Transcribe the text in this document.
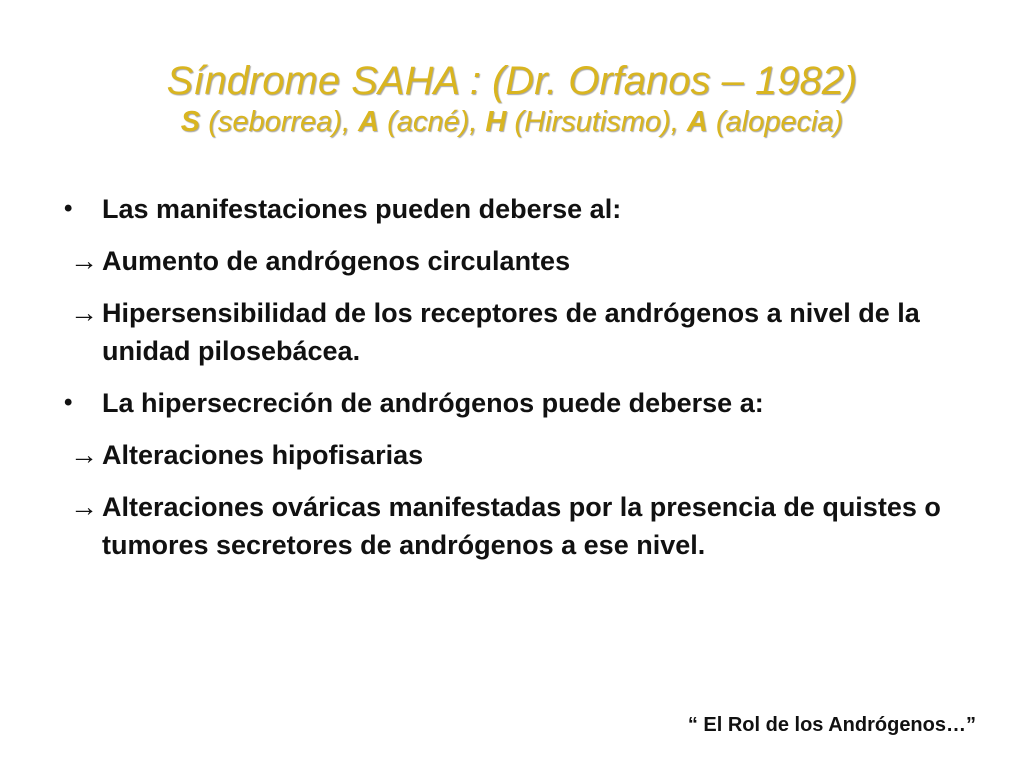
Síndrome SAHA : (Dr. Orfanos – 1982)
S (seborrea), A (acné), H (Hirsutismo), A (alopecia)
•	Las manifestaciones pueden deberse al:
→ Aumento de andrógenos circulantes
→ Hipersensibilidad de los receptores de andrógenos a nivel de la unidad pilosebácea.
•	La hipersecreción de andrógenos puede deberse a:
→ Alteraciones hipofisarias
→ Alteraciones ováricas manifestadas por la presencia de quistes o tumores secretores de andrógenos a ese nivel.
“ El Rol de los Andrógenos…”
